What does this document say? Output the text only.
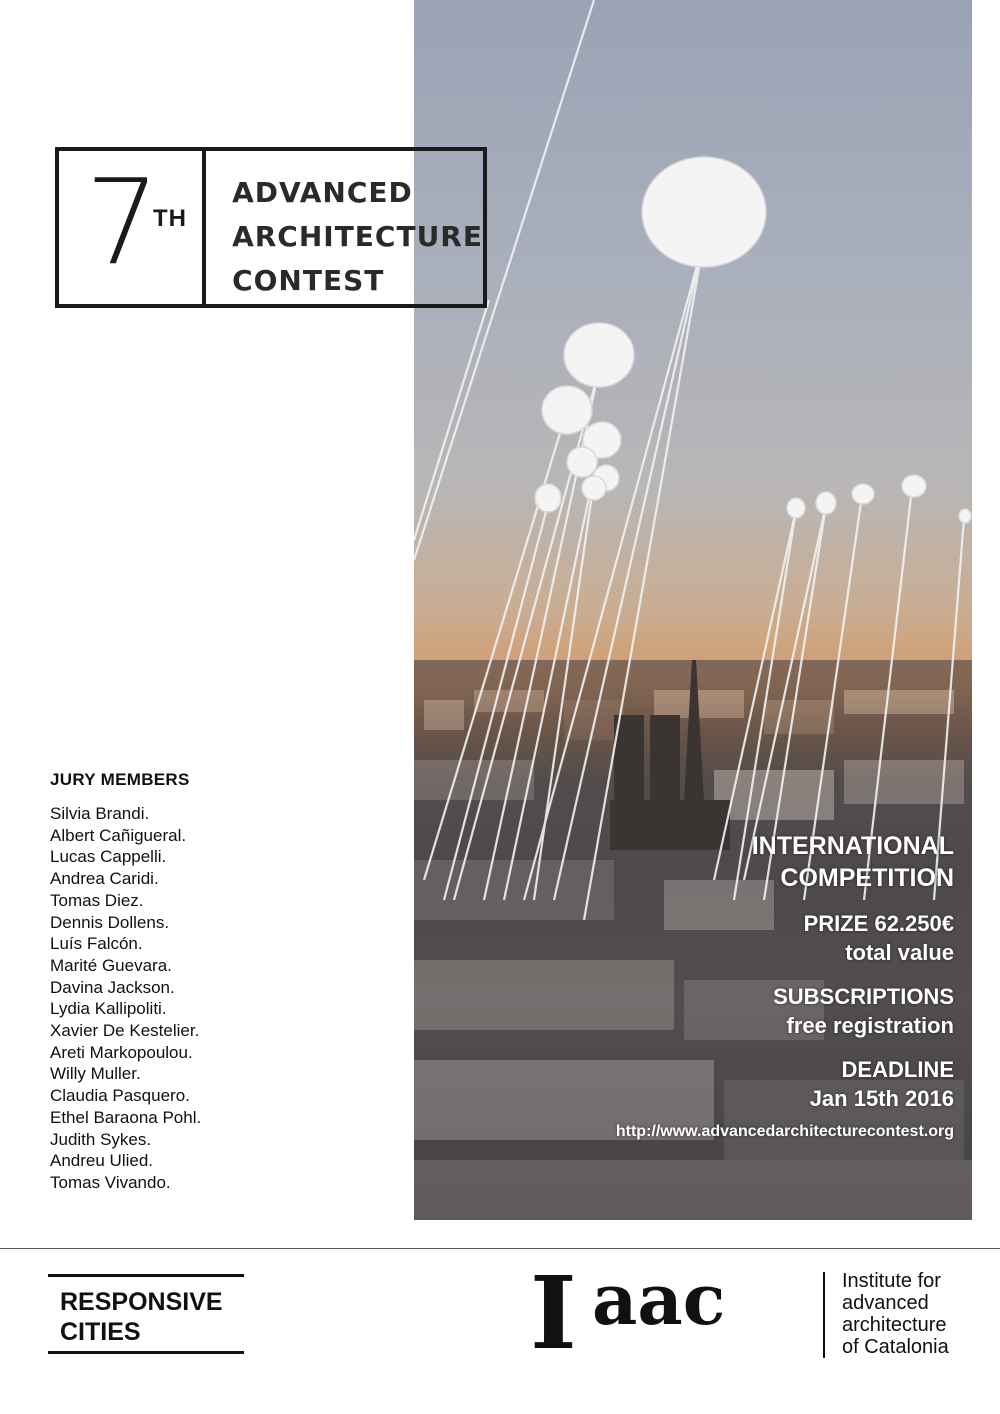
7
TH
ADVANCED
ARCHITECTURE
CONTEST
JURY MEMBERS
Silvia Brandi.
Albert Cañigueral.
Lucas Cappelli.
Andrea Caridi.
Tomas Diez.
Dennis Dollens.
Luís Falcón.
Marité Guevara.
Davina Jackson.
Lydia Kallipoliti.
Xavier De Kestelier.
Areti Markopoulou.
Willy Muller.
Claudia Pasquero.
Ethel Baraona Pohl.
Judith Sykes.
Andreu Ulied.
Tomas Vivando.
INTERNATIONAL
COMPETITION
PRIZE 62.250€
total value
SUBSCRIPTIONS
free registration
DEADLINE
Jan 15th 2016
http://www.advancedarchitecturecontest.org
RESPONSIVE
CITIES	I aac	Institute for
advanced
architecture
of Catalonia
